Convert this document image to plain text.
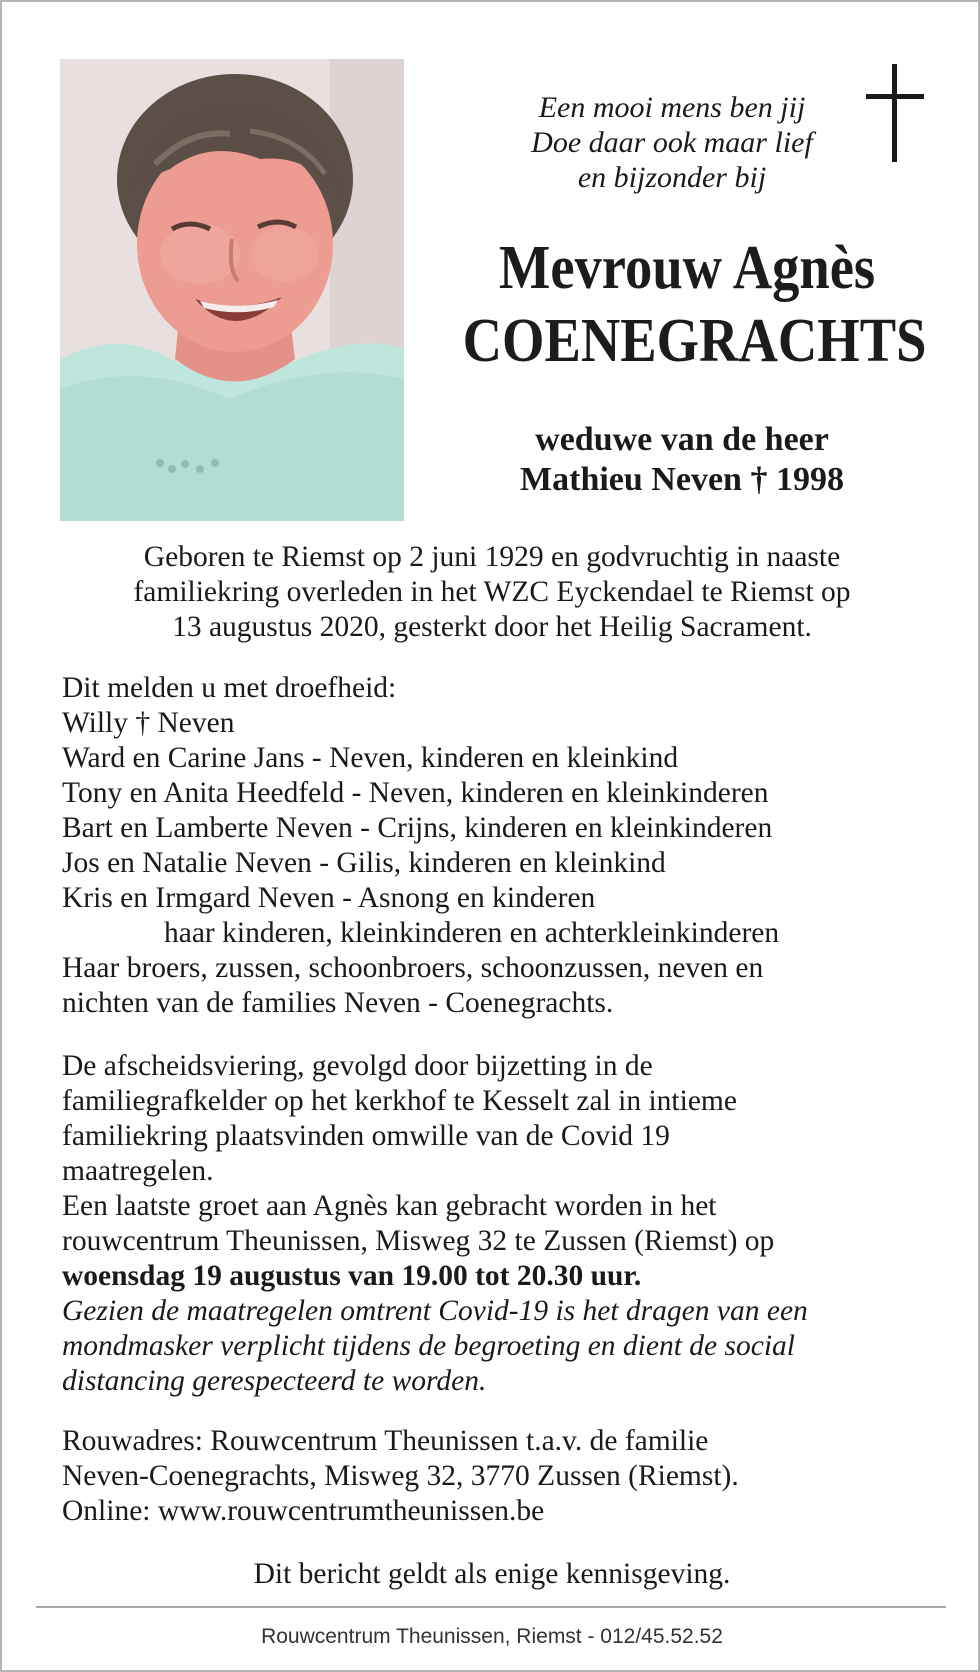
Een mooi mens ben jij
Doe daar ook maar lief
en bijzonder bij
Mevrouw Agnès
COENEGRACHTS
weduwe van de heer
Mathieu Neven † 1998
Geboren te Riemst op 2 juni 1929 en godvruchtig in naaste
familiekring overleden in het WZC Eyckendael te Riemst op
13 augustus 2020, gesterkt door het Heilig Sacrament.
Dit melden u met droefheid:
Willy † Neven
Ward en Carine Jans - Neven, kinderen en kleinkind
Tony en Anita Heedfeld - Neven, kinderen en kleinkinderen
Bart en Lamberte Neven - Crijns, kinderen en kleinkinderen
Jos en Natalie Neven - Gilis, kinderen en kleinkind
Kris en Irmgard Neven - Asnong en kinderen
haar kinderen, kleinkinderen en achterkleinkinderen
Haar broers, zussen, schoonbroers, schoonzussen, neven en
nichten van de families Neven - Coenegrachts.
De afscheidsviering, gevolgd door bijzetting in de
familiegrafkelder op het kerkhof te Kesselt zal in intieme
familiekring plaatsvinden omwille van de Covid 19
maatregelen.
Een laatste groet aan Agnès kan gebracht worden in het
rouwcentrum Theunissen, Misweg 32 te Zussen (Riemst) op
woensdag 19 augustus van 19.00 tot 20.30 uur.
Gezien de maatregelen omtrent Covid-19 is het dragen van een
mondmasker verplicht tijdens de begroeting en dient de social
distancing gerespecteerd te worden.
Rouwadres: Rouwcentrum Theunissen t.a.v. de familie
Neven-Coenegrachts, Misweg 32, 3770 Zussen (Riemst).
Online: www.rouwcentrumtheunissen.be
Dit bericht geldt als enige kennisgeving.
Rouwcentrum Theunissen, Riemst - 012/45.52.52
